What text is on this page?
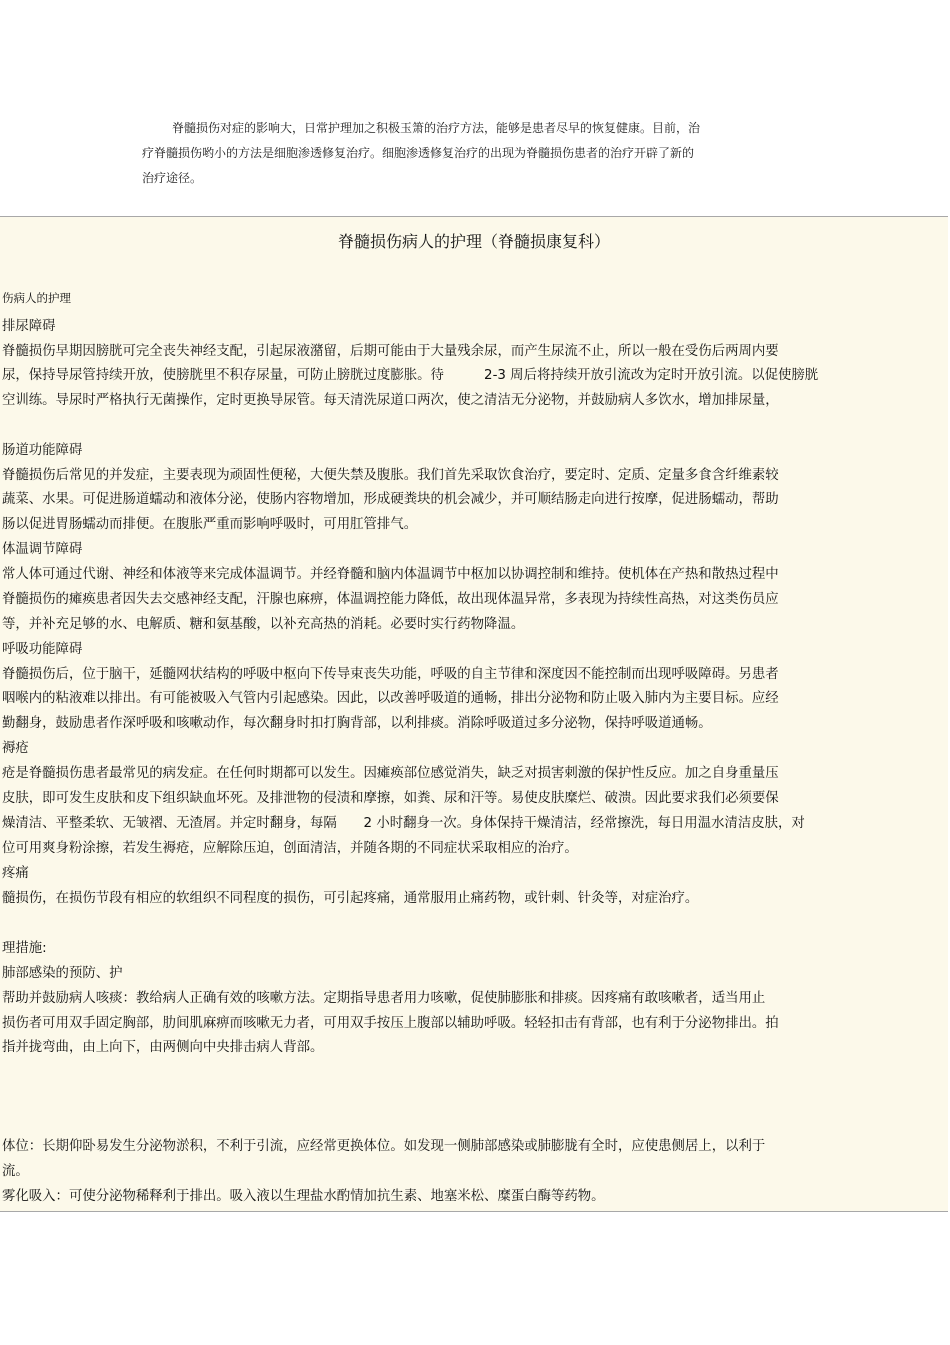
脊髓损伤对症的影响大，日常护理加之积极玉箫的治疗方法，能够是患者尽早的恢复健康。目前，治
疗脊髓损伤哟小的方法是细胞渗透修复治疗。细胞渗透修复治疗的出现为脊髓损伤患者的治疗开辟了新的
治疗途径。
脊髓损伤病人的护理（脊髓损康复科）
伤病人的护理
排尿障碍
脊髓损伤早期因膀胱可完全丧失神经支配，引起尿液潴留，后期可能由于大量残余尿，而产生尿流不止，所以一般在受伤后两周内要
尿，保持导尿管持续开放，使膀胱里不积存尿量，可防止膀胱过度膨胀。待　　　2-3 周后将持续开放引流改为定时开放引流。以促使膀胱
空训练。导尿时严格执行无菌操作，定时更换导尿管。每天清洗尿道口两次，使之清洁无分泌物，并鼓励病人多饮水，增加排尿量，
肠道功能障碍
脊髓损伤后常见的并发症，主要表现为顽固性便秘，大便失禁及腹胀。我们首先采取饮食治疗，要定时、定质、定量多食含纤维素较
蔬菜、水果。可促进肠道蠕动和液体分泌，使肠内容物增加，形成硬粪块的机会减少，并可顺结肠走向进行按摩，促进肠蠕动，帮助
肠以促进胃肠蠕动而排便。在腹胀严重而影响呼吸时，可用肛管排气。
体温调节障碍
常人体可通过代谢、神经和体液等来完成体温调节。并经脊髓和脑内体温调节中枢加以协调控制和维持。使机体在产热和散热过程中
脊髓损伤的瘫痪患者因失去交感神经支配，汗腺也麻痹，体温调控能力降低，故出现体温异常，多表现为持续性高热，对这类伤员应
等，并补充足够的水、电解质、糖和氨基酸，以补充高热的消耗。必要时实行药物降温。
呼吸功能障碍
脊髓损伤后，位于脑干，延髓网状结构的呼吸中枢向下传导束丧失功能，呼吸的自主节律和深度因不能控制而出现呼吸障碍。另患者
咽喉内的粘液难以排出。有可能被吸入气管内引起感染。因此，以改善呼吸道的通畅，排出分泌物和防止吸入肺内为主要目标。应经
勤翻身，鼓励患者作深呼吸和咳嗽动作，每次翻身时扣打胸背部，以利排痰。消除呼吸道过多分泌物，保持呼吸道通畅。
褥疮
疮是脊髓损伤患者最常见的病发症。在任何时期都可以发生。因瘫痪部位感觉消失，缺乏对损害刺激的保护性反应。加之自身重量压
皮肤，即可发生皮肤和皮下组织缺血坏死。及排泄物的侵渍和摩擦，如粪、尿和汗等。易使皮肤糜烂、破溃。因此要求我们必须要保
燥清洁、平整柔软、无皱褶、无渣屑。并定时翻身，每隔　　2 小时翻身一次。身体保持干燥清洁，经常擦洗，每日用温水清洁皮肤，对
位可用爽身粉涂擦，若发生褥疮，应解除压迫，创面清洁，并随各期的不同症状采取相应的治疗。
疼痛
髓损伤，在损伤节段有相应的软组织不同程度的损伤，可引起疼痛，通常服用止痛药物，或针刺、针灸等，对症治疗。
理措施:
肺部感染的预防、护
帮助并鼓励病人咳痰：教给病人正确有效的咳嗽方法。定期指导患者用力咳嗽，促使肺膨胀和排痰。因疼痛有敢咳嗽者，适当用止
损伤者可用双手固定胸部，肋间肌麻痹而咳嗽无力者，可用双手按压上腹部以辅助呼吸。轻轻扣击有背部，也有利于分泌物排出。拍
指并拢弯曲，由上向下，由两侧向中央排击病人背部。
体位：长期仰卧易发生分泌物淤积，不利于引流，应经常更换体位。如发现一侧肺部感染或肺膨胧有全时，应使患侧居上，以利于
流。
雾化吸入：可使分泌物稀释利于排出。吸入液以生理盐水酌情加抗生素、地塞米松、糜蛋白酶等药物。
